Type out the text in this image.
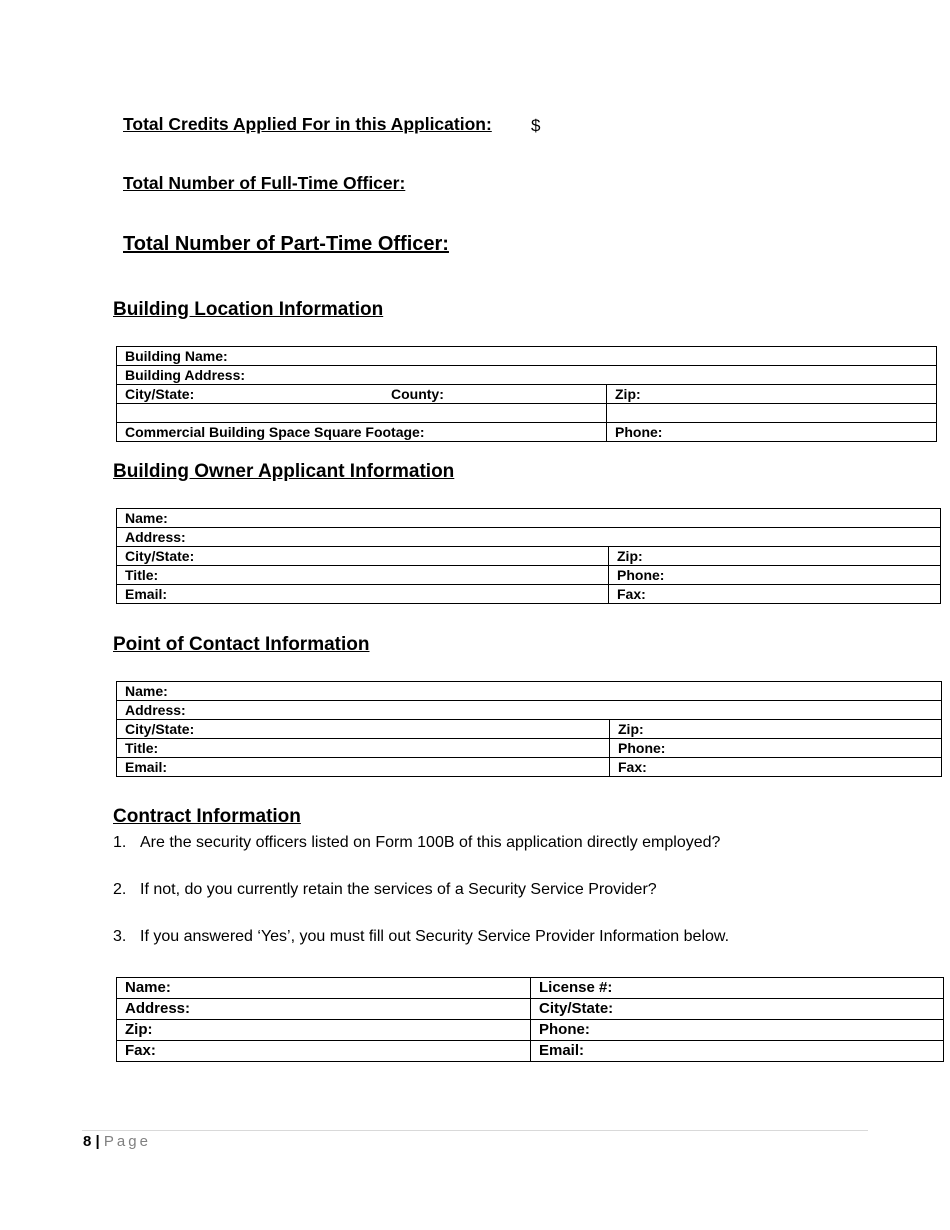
Total Credits Applied For in this Application: $
Total Number of Full-Time Officer:
Total Number of Part-Time Officer:
Building Location Information
Building Name:	
Building Address:	

City/State: County:	Zip:

Commercial Building Space Square Footage:	Phone:
Building Owner Applicant Information
Name:	
Address:	
City/State:	Zip:
Title:	Phone:
Email:	Fax:
Point of Contact Information
Name:	
Address:	
City/State:	Zip:
Title:	Phone:
Email:	Fax:
Contract Information
1. Are the security officers listed on Form 100B of this application directly employed?
2. If not, do you currently retain the services of a Security Service Provider?
3. If you answered ‘Yes’, you must fill out Security Service Provider Information below.
Name:	License #:
Address:	City/State:
Zip:	Phone:
Fax:	Email:
8 | Page
